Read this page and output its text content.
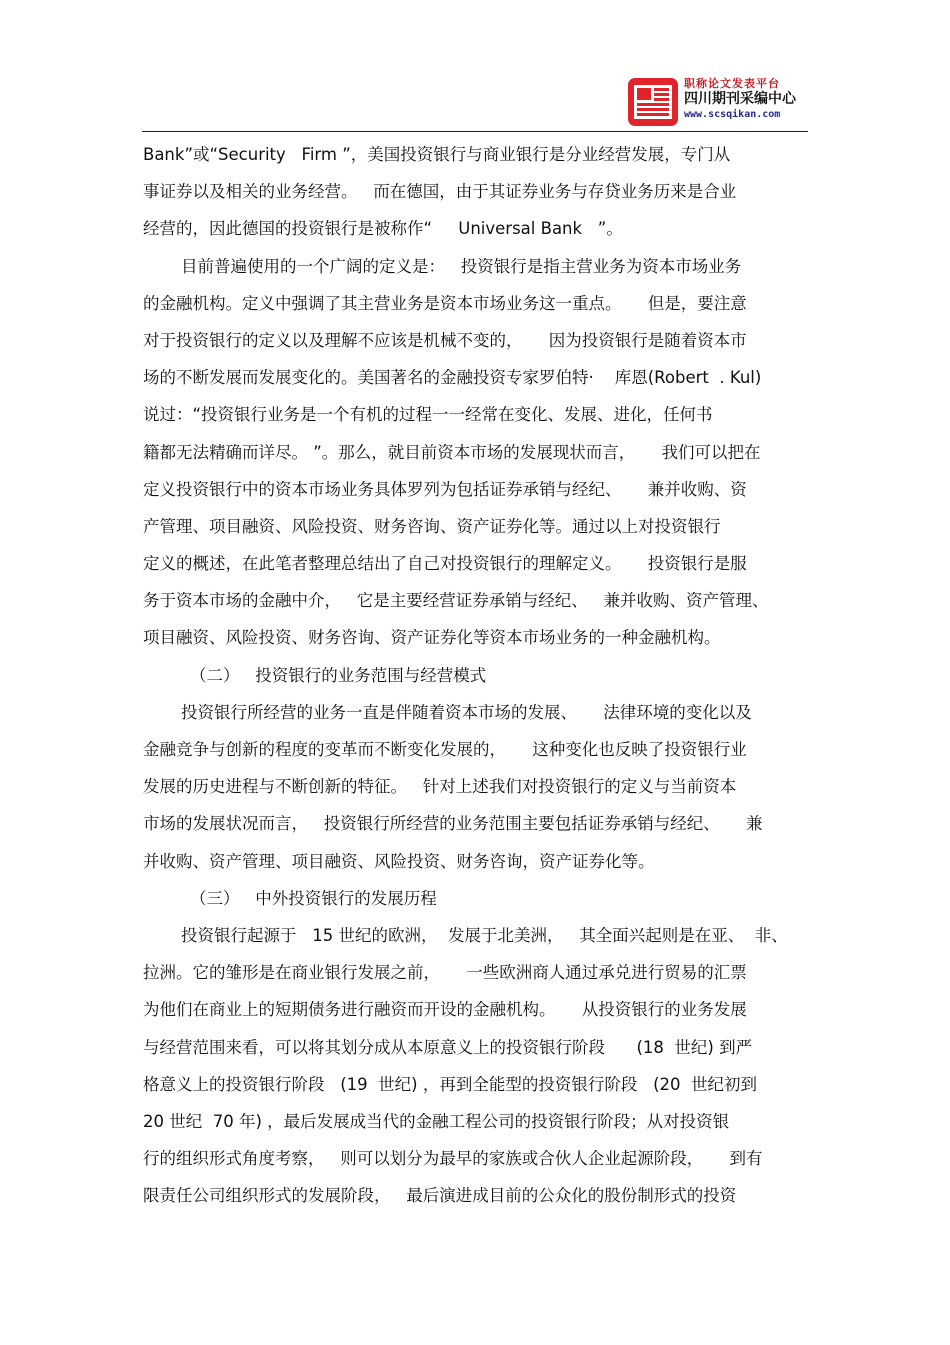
职称论文发表平台
四川期刊采编中心
www.scsqikan.com
Bank”或“Security   Firm ”，美国投资银行与商业银行是分业经营发展，专门从
事证券以及相关的业务经营。   而在德国，由于其证券业务与存贷业务历来是合业
经营的，因此德国的投资银行是被称作“     Universal Bank   ”。
目前普遍使用的一个广阔的定义是：   投资银行是指主营业务为资本市场业务
的金融机构。定义中强调了其主营业务是资本市场业务这一重点。     但是，要注意
对于投资银行的定义以及理解不应该是机械不变的，     因为投资银行是随着资本市
场的不断发展而发展变化的。美国著名的金融投资专家罗伯特·    库恩(Robert  . Kul)
说过：“投资银行业务是一个有机的过程一一经常在变化、发展、进化，任何书
籍都无法精确而详尽。 ”。那么，就目前资本市场的发展现状而言，     我们可以把在
定义投资银行中的资本市场业务具体罗列为包括证券承销与经纪、     兼并收购、资
产管理、项目融资、风险投资、财务咨询、资产证券化等。通过以上对投资银行
定义的概述，在此笔者整理总结出了自己对投资银行的理解定义。     投资银行是服
务于资本市场的金融中介，   它是主要经营证券承销与经纪、   兼并收购、资产管理、
项目融资、风险投资、财务咨询、资产证券化等资本市场业务的一种金融机构。
（二）   投资银行的业务范围与经营模式
投资银行所经营的业务一直是伴随着资本市场的发展、     法律环境的变化以及
金融竞争与创新的程度的变革而不断变化发展的，     这种变化也反映了投资银行业
发展的历史进程与不断创新的特征。   针对上述我们对投资银行的定义与当前资本
市场的发展状况而言，   投资银行所经营的业务范围主要包括证券承销与经纪、     兼
并收购、资产管理、项目融资、风险投资、财务咨询，资产证券化等。
（三）   中外投资银行的发展历程
投资银行起源于   15 世纪的欧洲，  发展于北美洲，   其全面兴起则是在亚、  非、
拉洲。它的雏形是在商业银行发展之前，     一些欧洲商人通过承兑进行贸易的汇票
为他们在商业上的短期债务进行融资而开设的金融机构。     从投资银行的业务发展
与经营范围来看，可以将其划分成从本原意义上的投资银行阶段      (18  世纪) 到严
格意义上的投资银行阶段   (19  世纪) ，再到全能型的投资银行阶段   (20  世纪初到
20 世纪  70 年) ，最后发展成当代的金融工程公司的投资银行阶段；从对投资银
行的组织形式角度考察，   则可以划分为最早的家族或合伙人企业起源阶段，     到有
限责任公司组织形式的发展阶段，   最后演进成目前的公众化的股份制形式的投资
